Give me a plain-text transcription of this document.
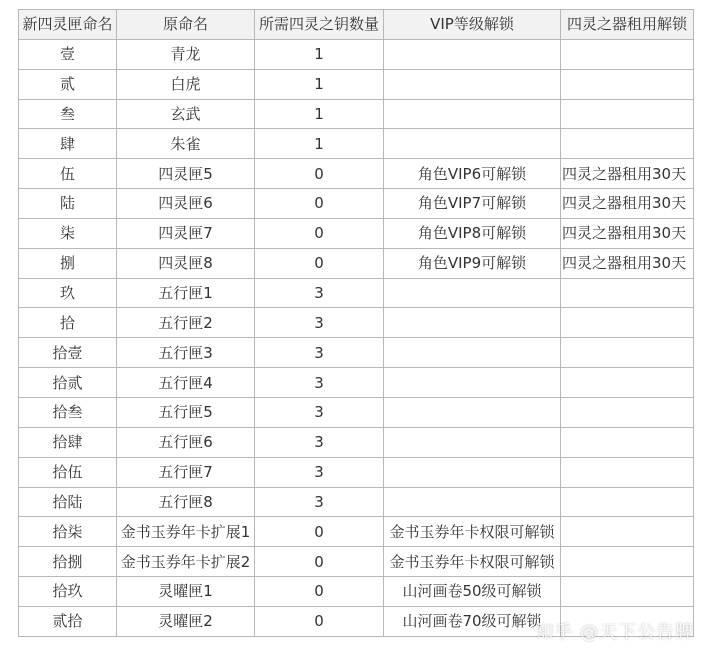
新四灵匣命名	原命名	所需四灵之钥数量	VIP等级解锁	四灵之器租用解锁
壹	青龙	1		
贰	白虎	1		
叁	玄武	1		
肆	朱雀	1		
伍	四灵匣5	0	角色VIP6可解锁	四灵之器租用30天
陆	四灵匣6	0	角色VIP7可解锁	四灵之器租用30天
柒	四灵匣7	0	角色VIP8可解锁	四灵之器租用30天
捌	四灵匣8	0	角色VIP9可解锁	四灵之器租用30天
玖	五行匣1	3		
拾	五行匣2	3		
拾壹	五行匣3	3		
拾贰	五行匣4	3		
拾叁	五行匣5	3		
拾肆	五行匣6	3		
拾伍	五行匣7	3		
拾陆	五行匣8	3		
拾柒	金书玉券年卡扩展1	0	金书玉券年卡权限可解锁	
拾捌	金书玉券年卡扩展2	0	金书玉券年卡权限可解锁	
拾玖	灵曜匣1	0	山河画卷50级可解锁	
贰拾	灵曜匣2	0	山河画卷70级可解锁	
知乎 @天下公告牌
